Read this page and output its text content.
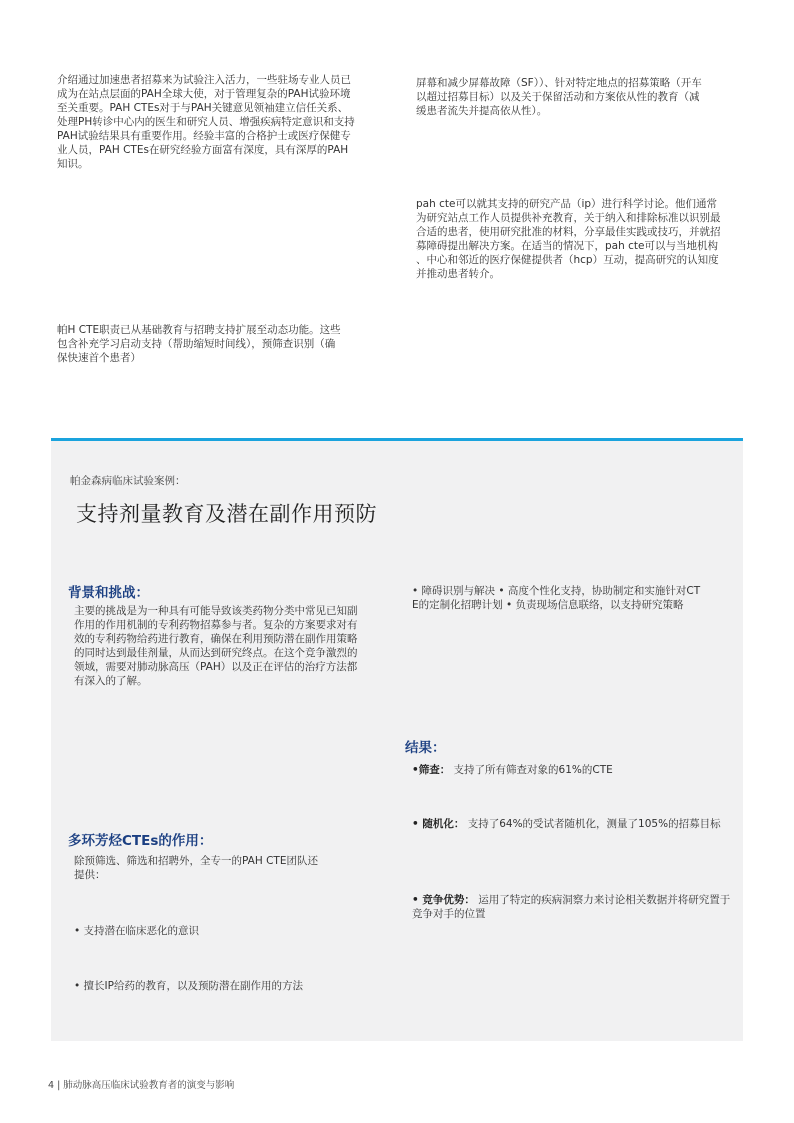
介绍通过加速患者招募来为试验注入活力，一些驻场专业人员已
成为在站点层面的PAH全球大使，对于管理复杂的PAH试验环境
至关重要。PAH CTEs对于与PAH关键意见领袖建立信任关系、
处理PH转诊中心内的医生和研究人员、增强疾病特定意识和支持
PAH试验结果具有重要作用。经验丰富的合格护士或医疗保健专
业人员，PAH CTEs在研究经验方面富有深度，具有深厚的PAH
知识。

屏幕和减少屏幕故障（SF））、针对特定地点的招募策略（开车
以超过招募目标）以及关于保留活动和方案依从性的教育（减
缓患者流失并提高依从性）。

pah cte可以就其支持的研究产品（ip）进行科学讨论。他们通常
为研究站点工作人员提供补充教育，关于纳入和排除标准以识别最
合适的患者，使用研究批准的材料，分享最佳实践或技巧，并就招
募障碍提出解决方案。在适当的情况下，pah cte可以与当地机构
、中心和邻近的医疗保健提供者（hcp）互动，提高研究的认知度
并推动患者转介。

帕H CTE职责已从基础教育与招聘支持扩展至动态功能。这些
包含补充学习启动支持（帮助缩短时间线），预筛查识别（确
保快速首个患者）

帕金森病临床试验案例：
支持剂量教育及潜在副作用预防
背景和挑战：
主要的挑战是为一种具有可能导致该类药物分类中常见已知副
作用的作用机制的专利药物招募参与者。复杂的方案要求对有
效的专利药物给药进行教育，确保在利用预防潜在副作用策略
的同时达到最佳剂量，从而达到研究终点。在这个竞争激烈的
领域，需要对肺动脉高压（PAH）以及正在评估的治疗方法都
有深入的了解。
多环芳烃CTEs的作用：
除预筛选、筛选和招聘外，全专一的PAH CTE团队还
提供：
• 支持潜在临床恶化的意识
• 擅长IP给药的教育，以及预防潜在副作用的方法
• 障碍识别与解决 • 高度个性化支持，协助制定和实施针对CT
E的定制化招聘计划 • 负责现场信息联络，以支持研究策略
结果：
•筛查： 支持了所有筛查对象的61%的CTE
• 随机化： 支持了64%的受试者随机化，测量了105%的招募目标
• 竞争优势： 运用了特定的疾病洞察力来讨论相关数据并将研究置于竞争对手的位置
4 | 肺动脉高压临床试验教育者的演变与影响
